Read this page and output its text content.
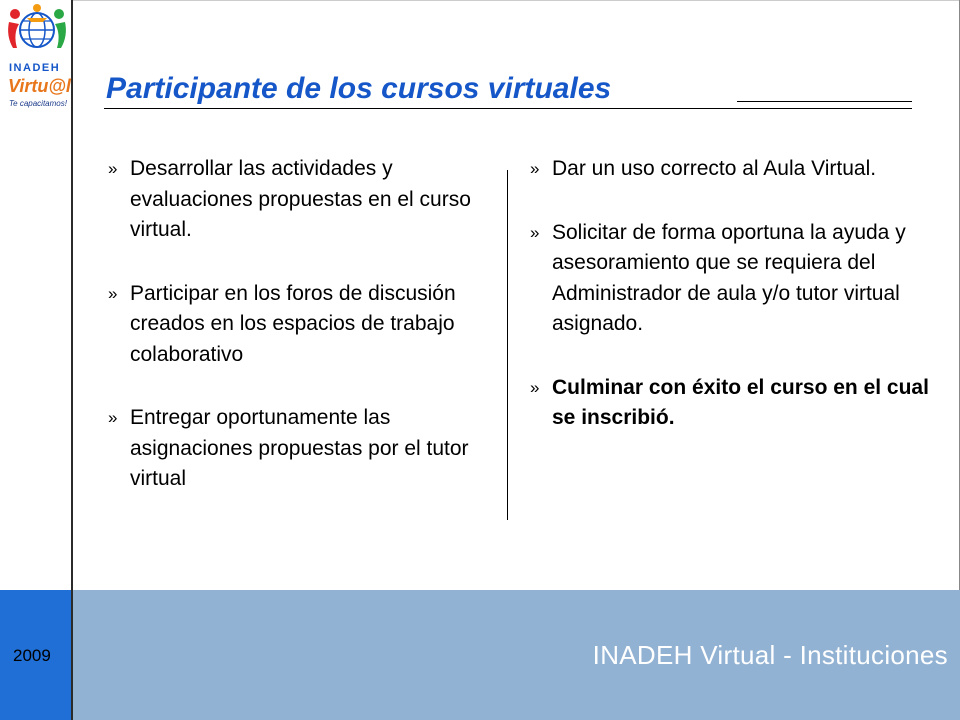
INADEH
Virtu@l
Te capacitamos! Participante de los cursos virtuales
» Desarrollar las actividades y evaluaciones propuestas en el curso virtual.
» Participar en los foros de discusión creados en los espacios de trabajo colaborativo
» Entregar oportunamente las asignaciones propuestas por el tutor virtual
» Dar un uso correcto al Aula Virtual.
» Solicitar de forma oportuna la ayuda y asesoramiento que se requiera del Administrador de aula y/o tutor virtual asignado.
» Culminar con éxito el curso en el cual se inscribió.
2009	INADEH Virtual - Instituciones
